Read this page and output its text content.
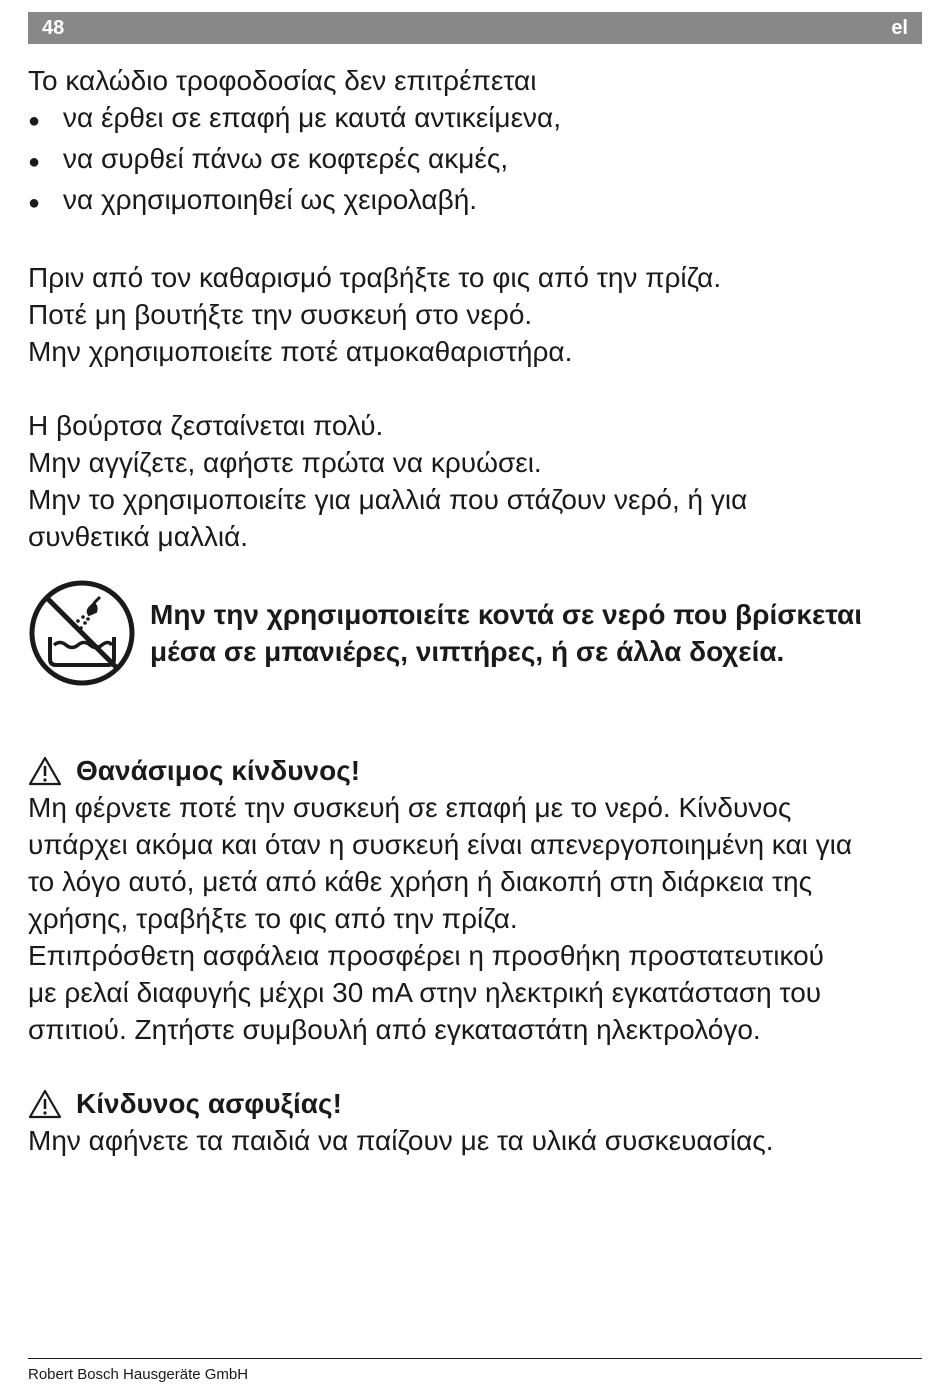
48	el
Το καλώδιο τροφοδοσίας δεν επιτρέπεται
● να έρθει σε επαφή με καυτά αντικείμενα,
● να συρθεί πάνω σε κοφτερές ακμές,
● να χρησιμοποιηθεί ως χειρολαβή.
Πριν από τον καθαρισμό τραβήξτε το φις από την πρίζα.
Ποτέ μη βουτήξτε την συσκευή στο νερό.
Μην χρησιμοποιείτε ποτέ ατμοκαθαριστήρα.
Η βούρτσα ζεσταίνεται πολύ.
Μην αγγίζετε, αφήστε πρώτα να κρυώσει.
Μην το χρησιμοποιείτε για μαλλιά που στάζουν νερό, ή για
συνθετικά μαλλιά.
Μην την χρησιμοποιείτε κοντά σε νερό που βρίσκεται
μέσα σε μπανιέρες, νιπτήρες, ή σε άλλα δοχεία.
Θανάσιμος κίνδυνος!
Μη φέρνετε ποτέ την συσκευή σε επαφή με το νερό. Κίνδυνος
υπάρχει ακόμα και όταν η συσκευή είναι απενεργοποιημένη και για
το λόγο αυτό, μετά από κάθε χρήση ή διακοπή στη διάρκεια της
χρήσης, τραβήξτε το φις από την πρίζα.
Επιπρόσθετη ασφάλεια προσφέρει η προσθήκη προστατευτικού
με ρελαί διαφυγής μέχρι 30 mA στην ηλεκτρική εγκατάσταση του
σπιτιού. Ζητήστε συμβουλή από εγκαταστάτη ηλεκτρολόγο.
Κίνδυνος ασφυξίας!
Μην αφήνετε τα παιδιά να παίζουν με τα υλικά συσκευασίας.
Robert Bosch Hausgeräte GmbH
